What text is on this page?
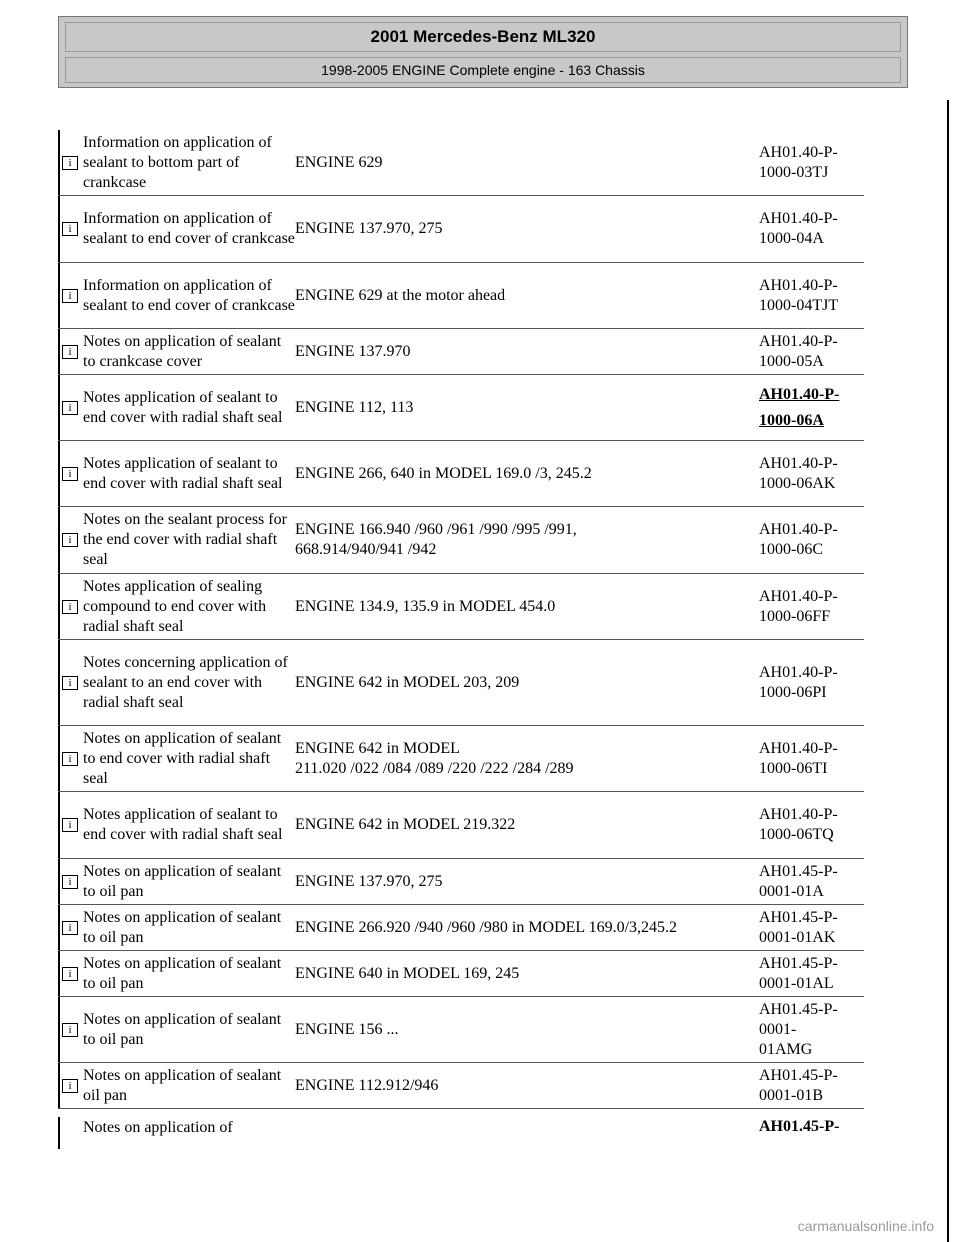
2001 Mercedes-Benz ML320
1998-2005 ENGINE Complete engine - 163 Chassis
i
Information on application of sealant to bottom part of crankcase
ENGINE 629
AH01.40-P-
1000-03TJ
i
Information on application of sealant to end cover of crankcase
ENGINE 137.970, 275
AH01.40-P-
1000-04A
i
Information on application of sealant to end cover of crankcase
ENGINE 629 at the motor ahead
AH01.40-P-
1000-04TJT
i
Notes on application of sealant to crankcase cover
ENGINE 137.970
AH01.40-P-
1000-05A
i
Notes application of sealant to end cover with radial shaft seal
ENGINE 112, 113
AH01.40-P-
1000-06A
i
Notes application of sealant to end cover with radial shaft seal
ENGINE 266, 640 in MODEL 169.0 /3, 245.2
AH01.40-P-
1000-06AK
i
Notes on the sealant process for the end cover with radial shaft seal
ENGINE 166.940 /960 /961 /990 /995 /991,
668.914/940/941 /942
AH01.40-P-
1000-06C
i
Notes application of sealing compound to end cover with radial shaft seal
ENGINE 134.9, 135.9 in MODEL 454.0
AH01.40-P-
1000-06FF
i
Notes concerning application of sealant to an end cover with radial shaft seal
ENGINE 642 in MODEL 203, 209
AH01.40-P-
1000-06PI
i
Notes on application of sealant to end cover with radial shaft seal
ENGINE 642 in MODEL
211.020 /022 /084 /089 /220 /222 /284 /289
AH01.40-P-
1000-06TI
i
Notes application of sealant to end cover with radial shaft seal
ENGINE 642 in MODEL 219.322
AH01.40-P-
1000-06TQ
i
Notes on application of sealant to oil pan
ENGINE 137.970, 275
AH01.45-P-
0001-01A
i
Notes on application of sealant to oil pan
ENGINE 266.920 /940 /960 /980 in MODEL 169.0/3,245.2
AH01.45-P-
0001-01AK
i
Notes on application of sealant to oil pan
ENGINE 640 in MODEL 169, 245
AH01.45-P-
0001-01AL
i
Notes on application of sealant to oil pan
ENGINE 156 ...
AH01.45-P-
0001-
01AMG
i
Notes on application of sealant oil pan
ENGINE 112.912/946
AH01.45-P-
0001-01B
Notes on application of	AH01.45-P-
carmanualsonline.info
